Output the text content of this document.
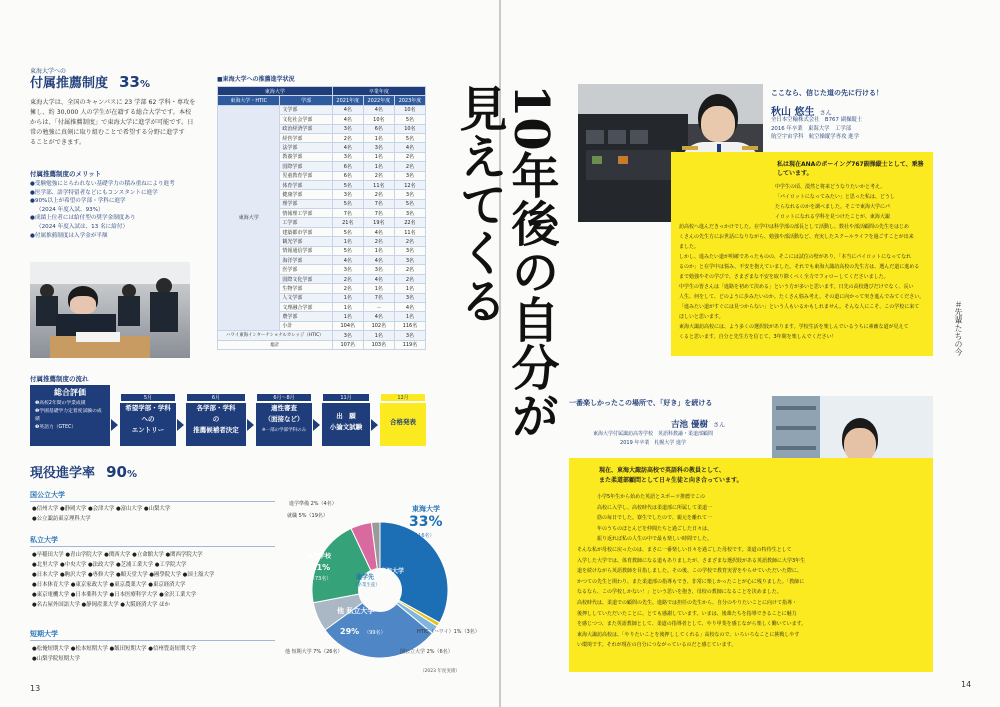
東海大学への
付属推薦制度 33%
東海大学は、全国のキャンパスに 23 学部 62 学科・専攻を
擁し、約 30,000 人の学生が在籍する総合大学です。本校
からは、「付属推薦制度」で東海大学に進学が可能です。日
常の勉強に真剣に取り組むことで希望する分野に進学す
ることができます。
付属推薦制度のメリット
●受験勉強にとらわれない基礎学力の積み重ねにより進考
●医学部、語学特留者などにもコンスタントに進学
●90%以上が希望の学部・学科に進学
（2024 年度入試、93%）
●成績上位者には給付型の奨学金制度あり
（2024 年度入試は、13 名に給付）
●付属推薦制度は入学金が半額
■東海大学への推薦進学状況
東海大学		卒業年度		
東海大学・HTIC	学部	2021年度	2022年度	2023年度
東海大学	文学部	4名	4名	10名
	文化社会学部	4名	10名	5名
	政治経済学部	3名	6名	10名
	経営学部	2名	1名	5名
	法学部	4名	3名	4名
	教養学部	3名	1名	2名
	国際学部	6名	1名	2名
	児童教育学部	6名	2名	3名
	体育学部	5名	11名	12名
	健康学部	3名	2名	3名
	理学部	5名	7名	5名
	情報理工学部	7名	7名	3名
	工学部	21名	19名	22名
	建築都市学部	5名	4名	11名
	観光学部	1名	2名	2名
	情報通信学部	5名	1名	3名
	海洋学部	4名	4名	3名
	医学部	3名	3名	2名
	国際文化学部	2名	4名	2名
	生物学部	2名	1名	1名
	人文学部	1名	7名	3名
	文理融合学部	1名	－	4名
	農学部	1名	4名	1名
	小計	104名	102名	116名
ハワイ東海インターナショナルカレッジ（HTIC）		3名	1名	3名
総計		107名	103名	119名
付属推薦制度の流れ
総合評価
❶高校2年間の学業成績
❷学園基礎学力定着度試験の成績
❸英語力（GTEC）
5月
希望学部・学科
への
エントリー
6月
各学部・学科
の
推薦候補者決定
6月〜8月
適性審査
（面接など）
※一部の学部学科のみ
11月
出　願
小論文試験
12月
合格発表
現役進学率 90%
国公立大学
●信州大学 ●静岡大学 ●会津大学 ●富山大学 ●山梨大学
●公立諏訪東京理科大学
私立大学
●早稲田大学 ●青山学院大学 ●関西大学 ●立命館大学 ●関西学院大学
●北里大学 ●中央大学 ●法政大学 ●芝浦工業大学 ●工学院大学
●日本大学 ●駒沢大学 ●専修大学 ●順天堂大学 ●國學院大学 ●国士舘大学
●日本体育大学 ●東京家政大学 ●東京農業大学 ●東京経済大学
●東京電機大学 ●日本薬科大学 ●日本医療科学大学 ●金沢工業大学
●名古屋外国語大学 ●静岡産業大学 ●大阪経済大学 ほか
短期大学
●松俺短期大学 ●松本短期大学 ●飯田短期大学 ●信州豊南短期大学
●山梨学院短期大学
進学準備 2%（4名）
就職 5%（19名）
東海大学
33%
（116名）
東海大学
専門学校
21%
（73名）
他 私立大学
29% （99名）
進学先
（卒業生徒）
HTIC（ハワイ）1%（3名）
国公立大学 2%（6名）
他 短期大学 7%（26名）
（2023 年度実績）
13
10年後の自分が
見えてくる	ここなら、信じた道の先に行ける！
秋山 悠生 さん
全日本空輸株式会社　B767 副操縦士
2016 年卒業　東海大学　工学部
航空宇宙学科　航空操縦学専攻 進学
私は現在ANAのボーイング767副操縦士として、乗務しています。
中学生の頃、漠然と将来どうなりたいかと考え、
「パイロットになってみたい」と思った私は、どうし
たらなれるのかを調べました。そこで東海大学にパ
イロットになれる学科を見つけたことが、東海大諏
訪高校へ進んだきっかけでした。在学中は科学部の部長として活動し、数社や部活顧問の先生をはじめ
くさんの先生方にお世話になりながら、勉強や部活動など、充実したスクールライフを過ごすことが出来
ました。
しかし、進みたい道が明確であったものの、そこには試位の壁があり、「本当にパイロットになってなれ
るのか」と在学中は悩み、不安を抱えていました。それでも東海大諏訪高校の先生方は、選んだ道に進める
まで勉強やその学びで、さまざまな不安を取り除くべく全力でフォローしてくださいました。
中学生の皆さんは「進路を初めて決める」という方が多いと思います。日先の高校選びだけでなく、長い
人生、何をして、どのように歩みたいのか。たくさん悩み考え、その道に向かって突き進んでみてください。
「進みたい道がすぐには見つからない」という人もいるかもしれません。そんな人にこそ、この学校に来て
ほしいと思います。
東海大諏訪高校には、よう多くの選択肢があります。学校生活を楽しんでいるうちに素敵な道が見えて
くると思います。自分と先生方を信じて、3年間を楽しんでください！	＃先輩たちの今
一番楽しかったこの場所で、「好き」を続ける
吉池 優樹 さん
東海大学付属諏訪高等学校　英語科教諭・柔道部顧問
2019 年卒業　札幌大学 進学
現在、東海大諏訪高校で英語科の教員として、
また柔道部顧問として日々生徒と向き合っています。
小学5年生から始めた英語とスポーツ推薦でこの
高校に入学し、高校時代は柔道部に所属して柔道一
筋の毎日でした。寮生でしたので、親元を離れて一
年のうちのほとんどを仲間たちと過ごした日々は、
振り返れば私の人生の中で最も楽しい時間でした。
そんな私が母校に戻ったのは、まさに一番楽しい日々を過ごした母校です。柔道の特待生として
入学した大学では、体育教師になる道もありましたが、さまざまな選択肢がある英語教師に大学3年生
道を続けながら英語教師を目指しました。その後、この学校で教育実習をやらせていただいた際に、
かつての先生と関わり、また柔道部の指導もでき、非常に楽しかったことが心に残りました。「教師に
なるなら、この学校しかない！」という思いを抱き、母校の教師になることを決めました。
高校時代は、柔道での顧問の先生、進路では担任の先生から、自分のやりたいことに向けて指導・
後押ししていただいたことに、とても感謝しています。いまは、後輩たちを指導できることに魅力
を感じつつ、また英語教師として、柔道の指導者として、やり甲斐を感じながら楽しく働いています。
東海大諏訪高校は、「やりたいことを後押ししてくれる」高校なので、いろいろなことに挑戦しやす
い環境です。それが現在の自分につながっているのだと感じています。
14
